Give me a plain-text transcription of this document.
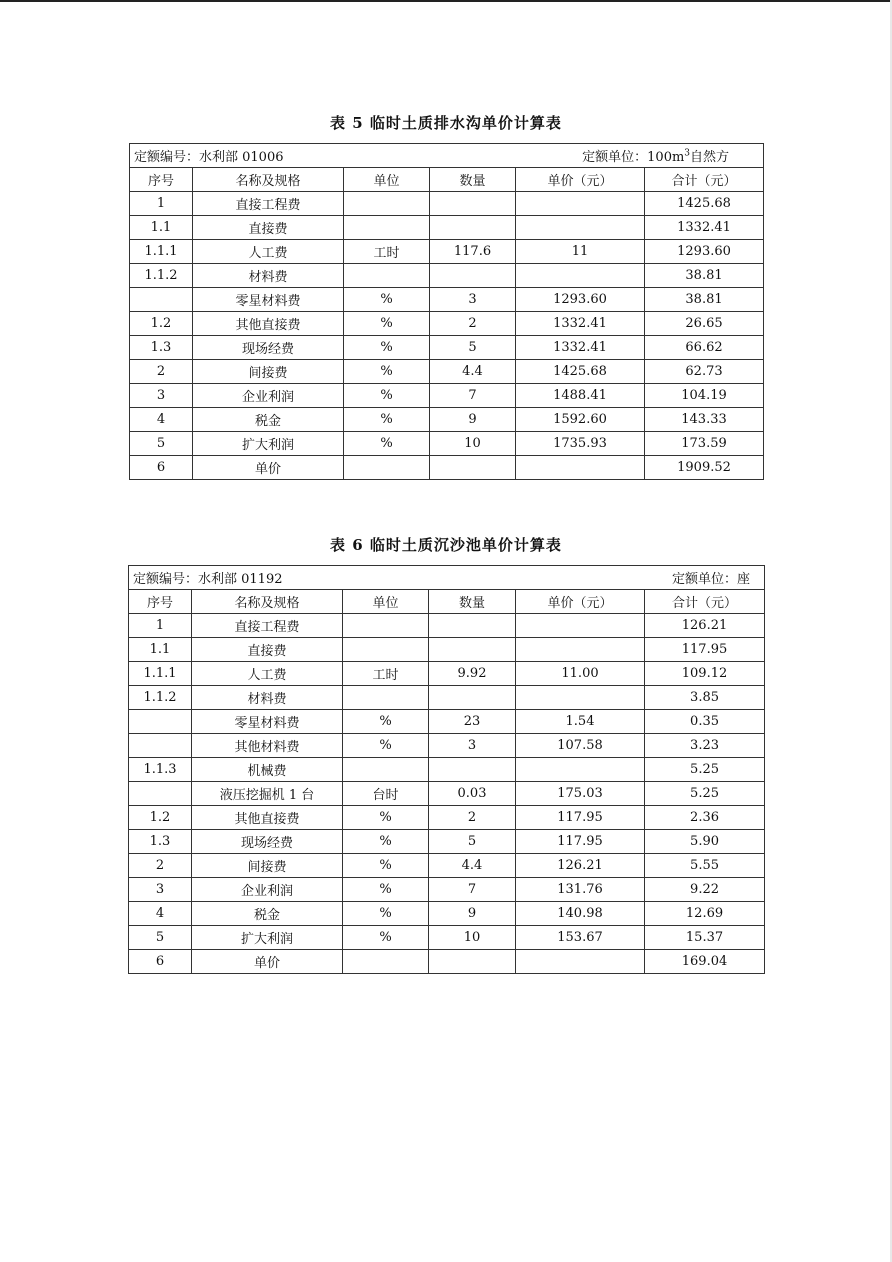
表 5 临时土质排水沟单价计算表
定额编号：水利部 01006 定额单位：$100m^3$自然方					

序号	名称及规格	单位	数量	单价（元）	合计（元）
1	直接工程费				1425.68
1.1	直接费				1332.41
1.1.1	人工费	工时	117.6	11	1293.60
1.1.2	材料费				38.81
	零星材料费	%	3	1293.60	38.81
1.2	其他直接费	%	2	1332.41	26.65
1.3	现场经费	%	5	1332.41	66.62
2	间接费	%	4.4	1425.68	62.73
3	企业利润	%	7	1488.41	104.19
4	税金	%	9	1592.60	143.33
5	扩大利润	%	10	1735.93	173.59
6	单价				1909.52
表 6 临时土质沉沙池单价计算表
定额编号：水利部 01192 定额单位：座					

序号	名称及规格	单位	数量	单价（元）	合计（元）
1	直接工程费				126.21
1.1	直接费				117.95
1.1.1	人工费	工时	9.92	11.00	109.12
1.1.2	材料费				3.85
	零星材料费	%	23	1.54	0.35
	其他材料费	%	3	107.58	3.23
1.1.3	机械费				5.25
	液压挖掘机 1 台	台时	0.03	175.03	5.25
1.2	其他直接费	%	2	117.95	2.36
1.3	现场经费	%	5	117.95	5.90
2	间接费	%	4.4	126.21	5.55
3	企业利润	%	7	131.76	9.22
4	税金	%	9	140.98	12.69
5	扩大利润	%	10	153.67	15.37
6	单价				169.04
